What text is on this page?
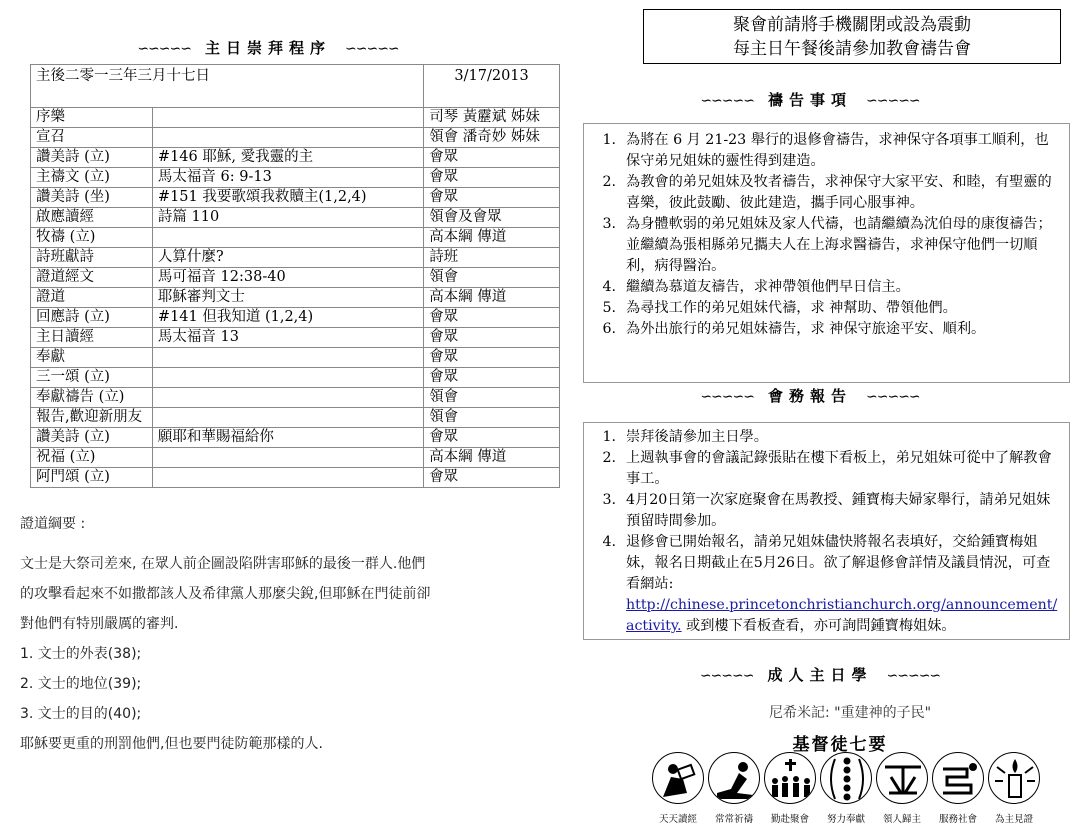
∽∽∽∽∽ 主日崇拜程序 ∽∽∽∽∽
主後二零一三年三月十七日		3/17/2013
序樂		司琴 黃靂斌 姊妹
宣召		領會 潘奇妙 姊妹
讚美詩 (立)	#146 耶穌, 愛我靈的主	會眾
主禱文 (立)	馬太福音 6: 9-13	會眾
讚美詩 (坐)	#151 我要歌頌我救贖主(1,2,4)	會眾
啟應讀經	詩篇 110	領會及會眾
牧禱 (立)		高本綱 傳道
詩班獻詩	人算什麼?	詩班
證道經文	馬可福音 12:38-40	領會
證道	耶穌審判文士	高本綱 傳道
回應詩 (立)	#141 但我知道 (1,2,4)	會眾
主日讀經	馬太福音 13	會眾
奉獻		會眾
三一頌 (立)		會眾
奉獻禱告 (立)		領會
報告,歡迎新朋友		領會
讚美詩 (立)	願耶和華賜福給你	會眾
祝福 (立)		高本綱 傳道
阿門頌 (立)		會眾

證道綱要 :

文士是大祭司差來, 在眾人前企圖設陷阱害耶穌的最後一群人.他們

的攻擊看起來不如撒都該人及希律黨人那麼尖銳,但耶穌在門徒前卻

對他們有特別嚴厲的審判.

1. 文士的外表(38);

2. 文士的地位(39);

3. 文士的目的(40);

耶穌要更重的刑罰他們,但也要門徒防範那樣的人.

聚會前請將手機關閉或設為震動
每主日午餐後請參加教會禱告會
∽∽∽∽∽ 禱告事項 ∽∽∽∽∽
1. 為將在 6 月 21-23 舉行的退修會禱告，求神保守各項事工順利，也保守弟兄姐妹的靈性得到建造。
2. 為教會的弟兄姐妹及牧者禱告，求神保守大家平安、和睦，有聖靈的喜樂，彼此鼓勵、彼此建造，攜手同心服事神。
3. 為身體軟弱的弟兄姐妹及家人代禱，也請繼續為沈伯母的康復禱告；並繼續為張相縣弟兄攜夫人在上海求醫禱告，求神保守他們一切順利，病得醫治。
4. 繼續為慕道友禱告，求神帶領他們早日信主。
5. 為尋找工作的弟兄姐妹代禱，求 神幫助、帶領他們。
6. 為外出旅行的弟兄姐妹禱告，求 神保守旅途平安、順利。
∽∽∽∽∽ 會務報告 ∽∽∽∽∽
1. 崇拜後請參加主日學。
2. 上週執事會的會議記錄張貼在樓下看板上，弟兄姐妹可從中了解教會事工。
3. 4月20日第一次家庭聚會在馬教授、鍾寶梅夫婦家舉行，請弟兄姐妹預留時間參加。
4. 退修會已開始報名，請弟兄姐妹儘快將報名表填好，交給鍾寶梅姐妹，報名日期截止在5月26日。欲了解退修會詳情及議員情況，可查看網站:
http://chinese.princetonchristianchurch.org/announcement/activity. 或到樓下看板查看，亦可詢問鍾寶梅姐妹。
∽∽∽∽∽ 成人主日學 ∽∽∽∽∽
尼希米記: "重建神的子民"
基督徒七要
天天讀經	常常祈禱	勤赴聚會	努力奉獻	領人歸主	服務社會	為主見證
